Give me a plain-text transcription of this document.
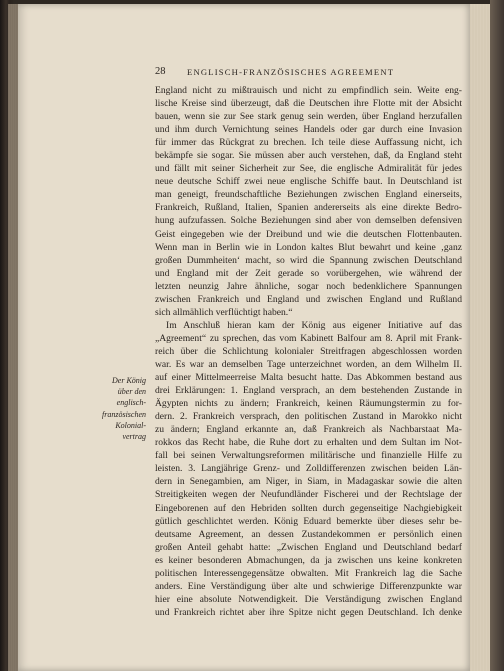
28	ENGLISCH-FRANZÖSISCHES AGREEMENT
Der König
über den
englisch-
französischen
Kolonial-
vertrag
England nicht zu mißtrauisch und nicht zu empfindlich sein. Weite eng-
lische Kreise sind überzeugt, daß die Deutschen ihre Flotte mit der Absicht
bauen, wenn sie zur See stark genug sein werden, über England herzufallen
und ihm durch Vernichtung seines Handels oder gar durch eine Invasion
für immer das Rückgrat zu brechen. Ich teile diese Auffassung nicht, ich
bekämpfe sie sogar. Sie müssen aber auch verstehen, daß, da England steht
und fällt mit seiner Sicherheit zur See, die englische Admiralität für jedes
neue deutsche Schiff zwei neue englische Schiffe baut. In Deutschland ist
man geneigt, freundschaftliche Beziehungen zwischen England einerseits,
Frankreich, Rußland, Italien, Spanien andererseits als eine direkte Bedro-
hung aufzufassen. Solche Beziehungen sind aber von demselben defensiven
Geist eingegeben wie der Dreibund und wie die deutschen Flottenbauten.
Wenn man in Berlin wie in London kaltes Blut bewahrt und keine ‚ganz
großen Dummheiten‘ macht, so wird die Spannung zwischen Deutschland
und England mit der Zeit gerade so vorübergehen, wie während der
letzten neunzig Jahre ähnliche, sogar noch bedenklichere Spannungen
zwischen Frankreich und England und zwischen England und Rußland
sich allmählich verflüchtigt haben.“
Im Anschluß hieran kam der König aus eigener Initiative auf das
„Agreement“ zu sprechen, das vom Kabinett Balfour am 8. April mit Frank-
reich über die Schlichtung kolonialer Streitfragen abgeschlossen worden
war. Es war an demselben Tage unterzeichnet worden, an dem Wilhelm II.
auf einer Mittelmeerreise Malta besucht hatte. Das Abkommen bestand aus
drei Erklärungen: 1. England versprach, an dem bestehenden Zustande in
Ägypten nichts zu ändern; Frankreich, keinen Räumungstermin zu for-
dern. 2. Frankreich versprach, den politischen Zustand in Marokko nicht
zu ändern; England erkannte an, daß Frankreich als Nachbarstaat Ma-
rokkos das Recht habe, die Ruhe dort zu erhalten und dem Sultan im Not-
fall bei seinen Verwaltungsreformen militärische und finanzielle Hilfe zu
leisten. 3. Langjährige Grenz- und Zolldifferenzen zwischen beiden Län-
dern in Senegambien, am Niger, in Siam, in Madagaskar sowie die alten
Streitigkeiten wegen der Neufundländer Fischerei und der Rechtslage der
Eingeborenen auf den Hebriden sollten durch gegenseitige Nachgiebigkeit
gütlich geschlichtet werden. König Eduard bemerkte über dieses sehr be-
deutsame Agreement, an dessen Zustandekommen er persönlich einen
großen Anteil gehabt hatte: „Zwischen England und Deutschland bedarf
es keiner besonderen Abmachungen, da ja zwischen uns keine konkreten
politischen Interessengegensätze obwalten. Mit Frankreich lag die Sache
anders. Eine Verständigung über alte und schwierige Differenzpunkte war
hier eine absolute Notwendigkeit. Die Verständigung zwischen England
und Frankreich richtet aber ihre Spitze nicht gegen Deutschland. Ich denke
